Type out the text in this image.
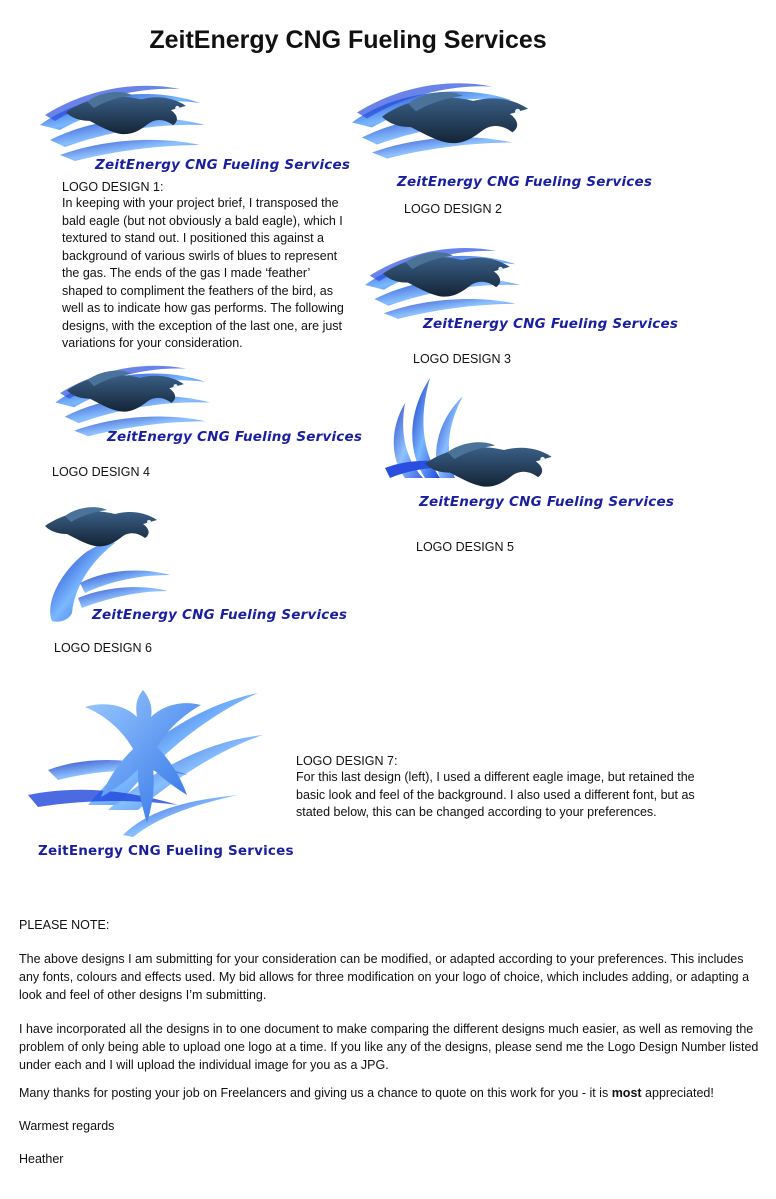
ZeitEnergy CNG Fueling Services
ZeitEnergy CNG Fueling Services
LOGO DESIGN 1:
In keeping with your project brief, I transposed the bald eagle (but not obviously a bald eagle), which I textured to stand out. I positioned this against a background of various swirls of blues to represent the gas. The ends of the gas I made ‘feather’ shaped to compliment the feathers of the bird, as well as to indicate how gas performs. The following designs, with the exception of the last one, are just variations for your consideration.
ZeitEnergy CNG Fueling Services
LOGO DESIGN 2
ZeitEnergy CNG Fueling Services
LOGO DESIGN 3
ZeitEnergy CNG Fueling Services
LOGO DESIGN 4
ZeitEnergy CNG Fueling Services
LOGO DESIGN 5
ZeitEnergy CNG Fueling Services
LOGO DESIGN 6
ZeitEnergy CNG Fueling Services
LOGO DESIGN 7:
For this last design (left), I used a different eagle image, but retained the basic look and feel of the background. I also used a different font, but as stated below, this can be changed according to your preferences.
PLEASE NOTE:
The above designs I am submitting for your consideration can be modified, or adapted according to your preferences. This includes any fonts, colours and effects used. My bid allows for three modification on your logo of choice, which includes adding, or adapting a look and feel of other designs I’m submitting.
I have incorporated all the designs in to one document to make comparing the different designs much easier, as well as removing the problem of only being able to upload one logo at a time. If you like any of the designs, please send me the Logo Design Number listed under each and I will upload the individual image for you as a JPG.
Many thanks for posting your job on Freelancers and giving us a chance to quote on this work for you - it is most appreciated!
Warmest regards
Heather
